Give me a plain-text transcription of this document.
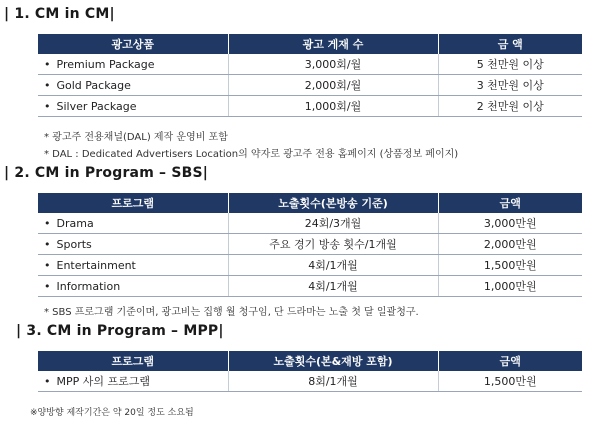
| 1. CM in CM|
광고상품	광고 게재 수	금 액
• Premium Package	3,000회/월	5 천만원 이상
• Gold Package	2,000회/월	3 천만원 이상
• Silver Package	1,000회/월	2 천만원 이상
* 광고주 전용채널(DAL) 제작 운영비 포함
* DAL : Dedicated Advertisers Location의 약자로 광고주 전용 홈페이지 (상품정보 페이지)
| 2. CM in Program – SBS|
프로그램	노출횟수(본방송 기준)	금액
• Drama	24회/3개월	3,000만원
• Sports	주요 경기 방송 횟수/1개월	2,000만원
• Entertainment	4회/1개월	1,500만원
• Information	4회/1개월	1,000만원
* SBS 프로그램 기준이며, 광고비는 집행 월 청구임, 단 드라마는 노출 첫 달 일괄청구.
| 3. CM in Program – MPP|
프로그램	노출횟수(본&재방 포함)	금액
• MPP 사의 프로그램	8회/1개월	1,500만원
※양방향 제작기간은 약 20일 정도 소요됨
